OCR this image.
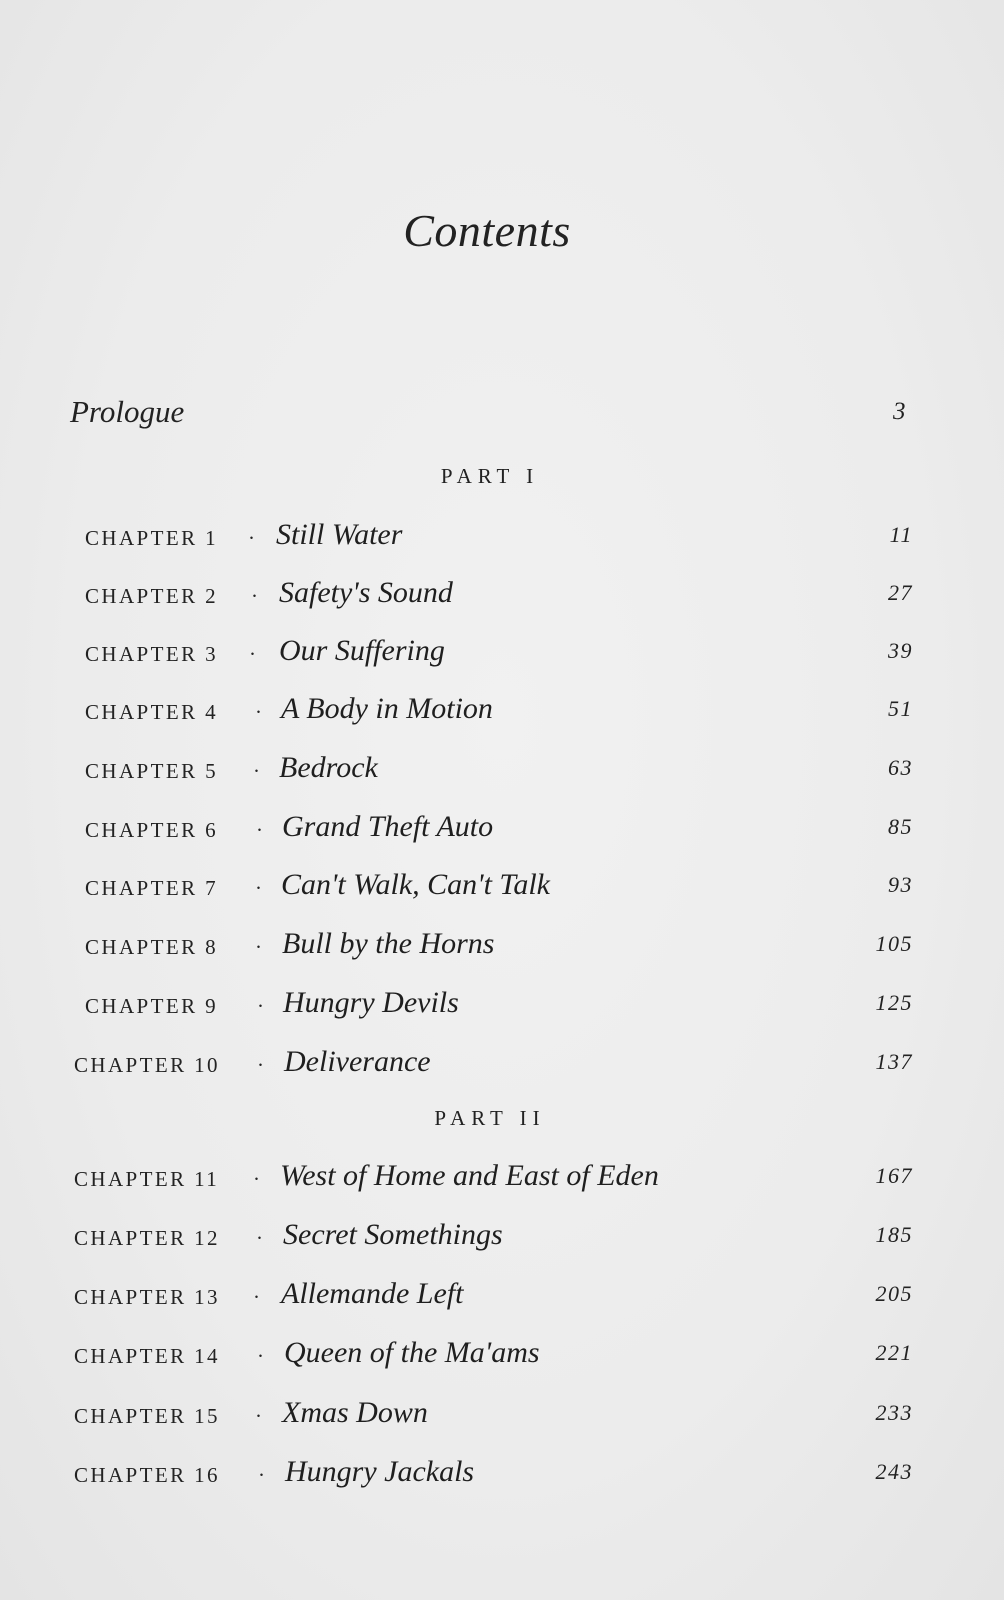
Contents
Prologue	3
PART I
PART II
CHAPTER 1 · Still Water	11
CHAPTER 2 · Safety's Sound	27
CHAPTER 3 · Our Suffering	39
CHAPTER 4 · A Body in Motion	51
CHAPTER 5 · Bedrock	63
CHAPTER 6 · Grand Theft Auto	85
CHAPTER 7 · Can't Walk, Can't Talk	93
CHAPTER 8 · Bull by the Horns	105
CHAPTER 9 · Hungry Devils	125
CHAPTER 10 · Deliverance	137
CHAPTER 11 · West of Home and East of Eden	167
CHAPTER 12 · Secret Somethings	185
CHAPTER 13 · Allemande Left	205
CHAPTER 14 · Queen of the Ma'ams	221
CHAPTER 15 · Xmas Down	233
CHAPTER 16 · Hungry Jackals	243
